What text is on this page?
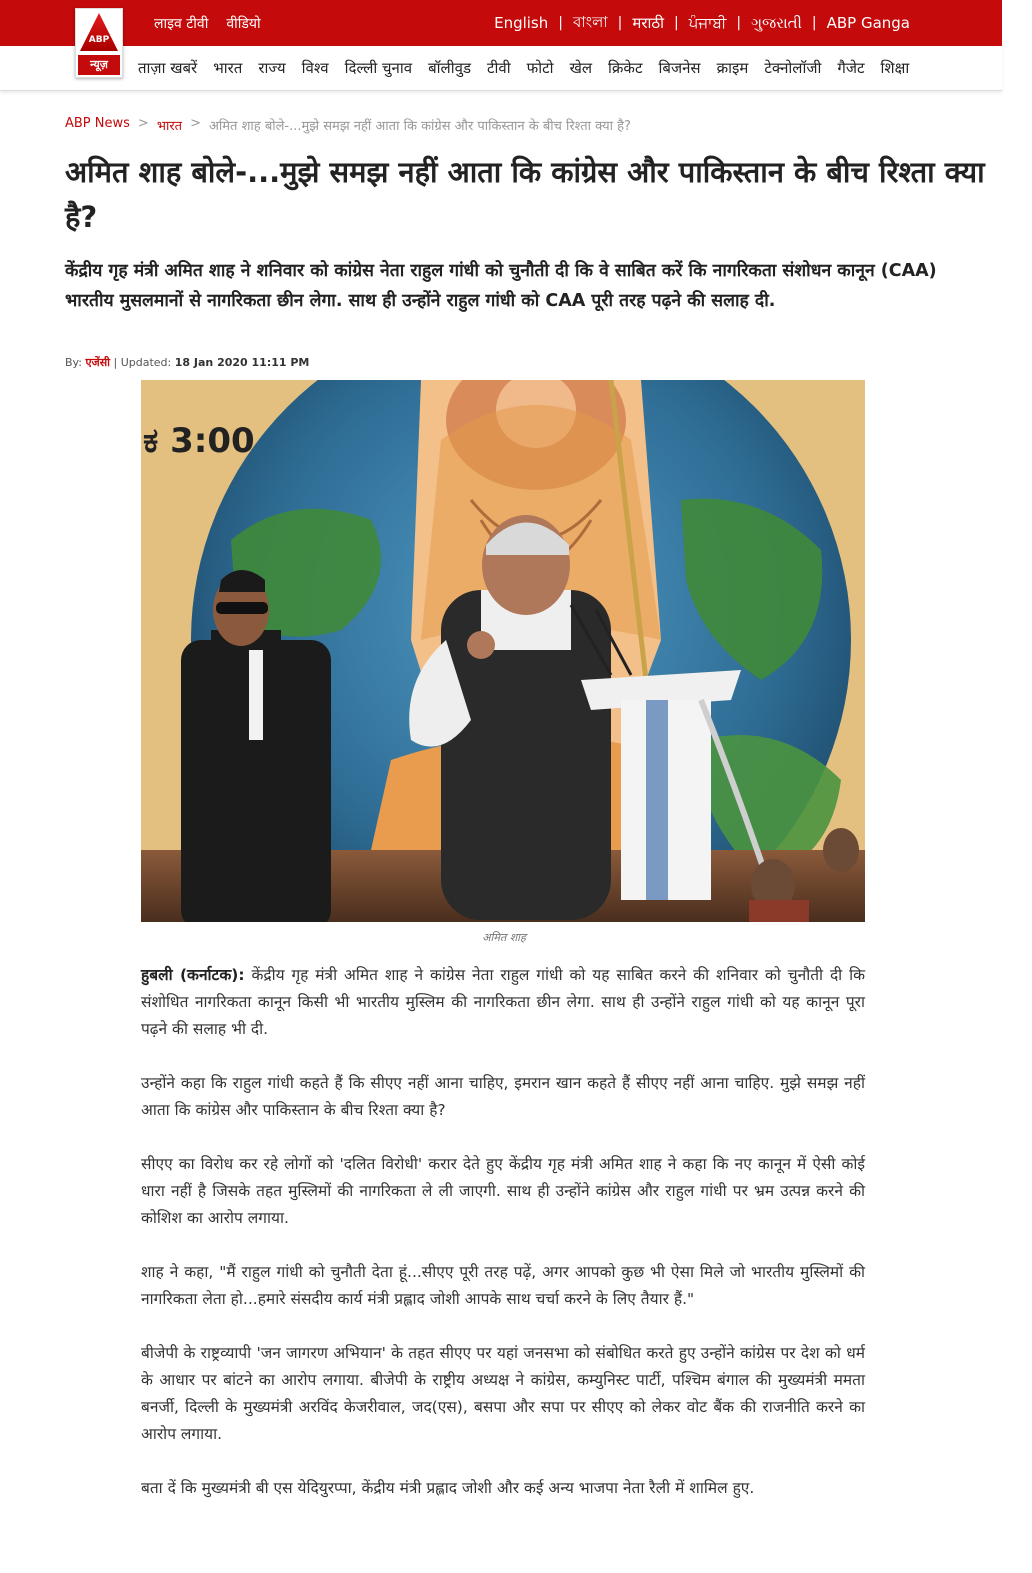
लाइव टीवी वीडियो	English | বাংলা | मराठी | ਪੰਜਾਬੀ | ગુજરાતી | ABP Ganga
ABP
न्यूज़	ताज़ा खबरें भारत राज्य विश्व दिल्ली चुनाव बॉलीवुड टीवी फोटो खेल क्रिकेट बिजनेस क्राइम टेक्नोलॉजी गैजेट शिक्षा
ABP News > भारत > अमित शाह बोले-...मुझे समझ नहीं आता कि कांग्रेस और पाकिस्तान के बीच रिश्ता क्या है?
अमित शाह बोले-...मुझे समझ नहीं आता कि कांग्रेस और पाकिस्तान के बीच रिश्ता क्या है?

केंद्रीय गृह मंत्री अमित शाह ने शनिवार को कांग्रेस नेता राहुल गांधी को चुनौती दी कि वे साबित करें कि नागरिकता संशोधन कानून (CAA) भारतीय मुसलमानों से नागरिकता छीन लेगा. साथ ही उन्होंने राहुल गांधी को CAA पूरी तरह पढ़ने की सलाह दी.

By: एजेंसी | Updated: 18 Jan 2020 11:11 PM
ಕ 3:00
अमित शाह

हुबली (कर्नाटक): केंद्रीय गृह मंत्री अमित शाह ने कांग्रेस नेता राहुल गांधी को यह साबित करने की शनिवार को चुनौती दी कि संशोधित नागरिकता कानून किसी भी भारतीय मुस्लिम की नागरिकता छीन लेगा. साथ ही उन्होंने राहुल गांधी को यह कानून पूरा पढ़ने की सलाह भी दी.

उन्होंने कहा कि राहुल गांधी कहते हैं कि सीएए नहीं आना चाहिए, इमरान खान कहते हैं सीएए नहीं आना चाहिए. मुझे समझ नहीं आता कि कांग्रेस और पाकिस्तान के बीच रिश्ता क्या है?

सीएए का विरोध कर रहे लोगों को 'दलित विरोधी' करार देते हुए केंद्रीय गृह मंत्री अमित शाह ने कहा कि नए कानून में ऐसी कोई धारा नहीं है जिसके तहत मुस्लिमों की नागरिकता ले ली जाएगी. साथ ही उन्होंने कांग्रेस और राहुल गांधी पर भ्रम उत्पन्न करने की कोशिश का आरोप लगाया.

शाह ने कहा, "मैं राहुल गांधी को चुनौती देता हूं...सीएए पूरी तरह पढ़ें, अगर आपको कुछ भी ऐसा मिले जो भारतीय मुस्लिमों की नागरिकता लेता हो...हमारे संसदीय कार्य मंत्री प्रह्लाद जोशी आपके साथ चर्चा करने के लिए तैयार हैं."

बीजेपी के राष्ट्रव्यापी 'जन जागरण अभियान' के तहत सीएए पर यहां जनसभा को संबोधित करते हुए उन्होंने कांग्रेस पर देश को धर्म के आधार पर बांटने का आरोप लगाया. बीजेपी के राष्ट्रीय अध्यक्ष ने कांग्रेस, कम्युनिस्ट पार्टी, पश्चिम बंगाल की मुख्यमंत्री ममता बनर्जी, दिल्ली के मुख्यमंत्री अरविंद केजरीवाल, जद(एस), बसपा और सपा पर सीएए को लेकर वोट बैंक की राजनीति करने का आरोप लगाया.

बता दें कि मुख्यमंत्री बी एस येदियुरप्पा, केंद्रीय मंत्री प्रह्लाद जोशी और कई अन्य भाजपा नेता रैली में शामिल हुए.
